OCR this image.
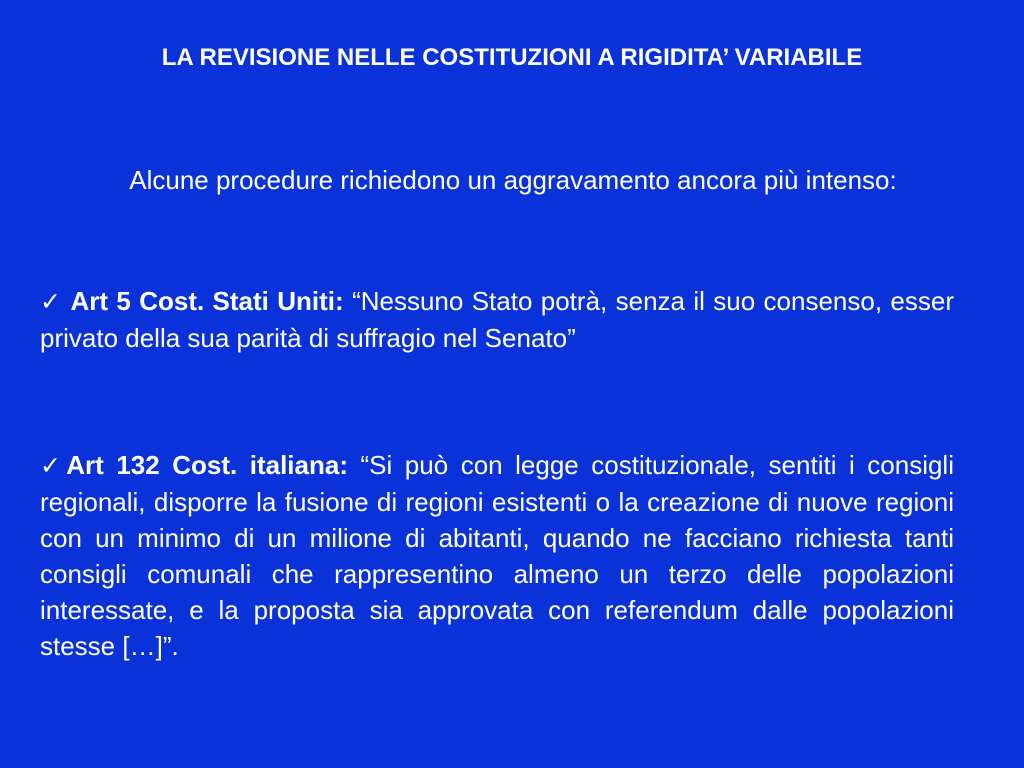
LA REVISIONE NELLE COSTITUZIONI A RIGIDITA’ VARIABILE
Alcune procedure richiedono un aggravamento ancora più intenso:
✓ Art 5 Cost. Stati Uniti: “Nessuno Stato potrà, senza il suo consenso, esser privato della sua parità di suffragio nel Senato”
✓Art 132 Cost. italiana: “Si può con legge costituzionale, sentiti i consigli regionali, disporre la fusione di regioni esistenti o la creazione di nuove regioni con un minimo di un milione di abitanti, quando ne facciano richiesta tanti consigli comunali che rappresentino almeno un terzo delle popolazioni interessate, e la proposta sia approvata con referendum dalle popolazioni stesse […]”.
